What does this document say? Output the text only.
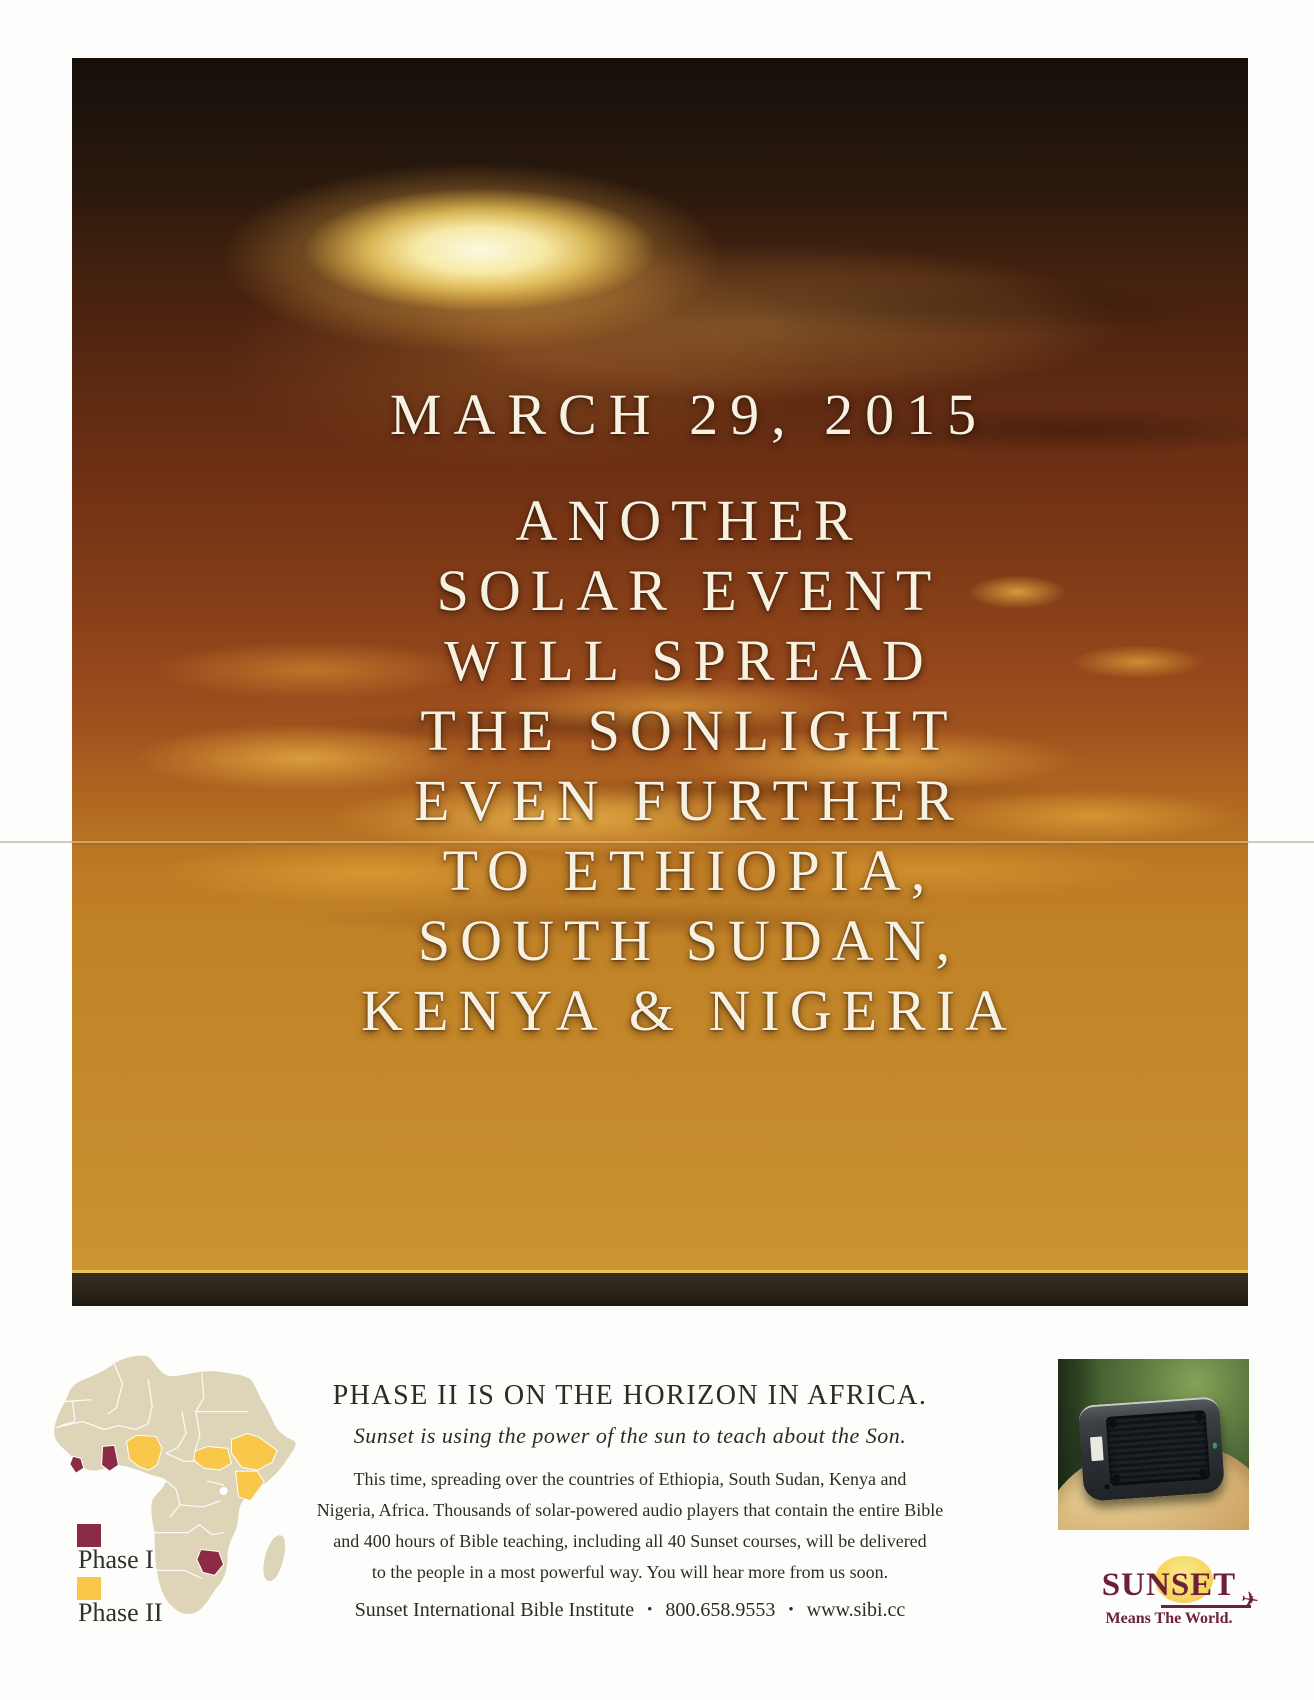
MARCH 29, 2015
ANOTHER
SOLAR EVENT
WILL SPREAD
THE SONLIGHT
EVEN FURTHER
TO ETHIOPIA,
SOUTH SUDAN,
KENYA & NIGERIA
Phase I
Phase II
PHASE II IS ON THE HORIZON IN AFRICA.
Sunset is using the power of the sun to teach about the Son.
This time, spreading over the countries of Ethiopia, South Sudan, Kenya and
Nigeria, Africa. Thousands of solar-powered audio players that contain the entire Bible
and 400 hours of Bible teaching, including all 40 Sunset courses, will be delivered
to the people in a most powerful way. You will hear more from us soon.
Sunset International Bible Institute • 800.658.9553 • www.sibi.cc
SUNSET ✈
Means The World.
